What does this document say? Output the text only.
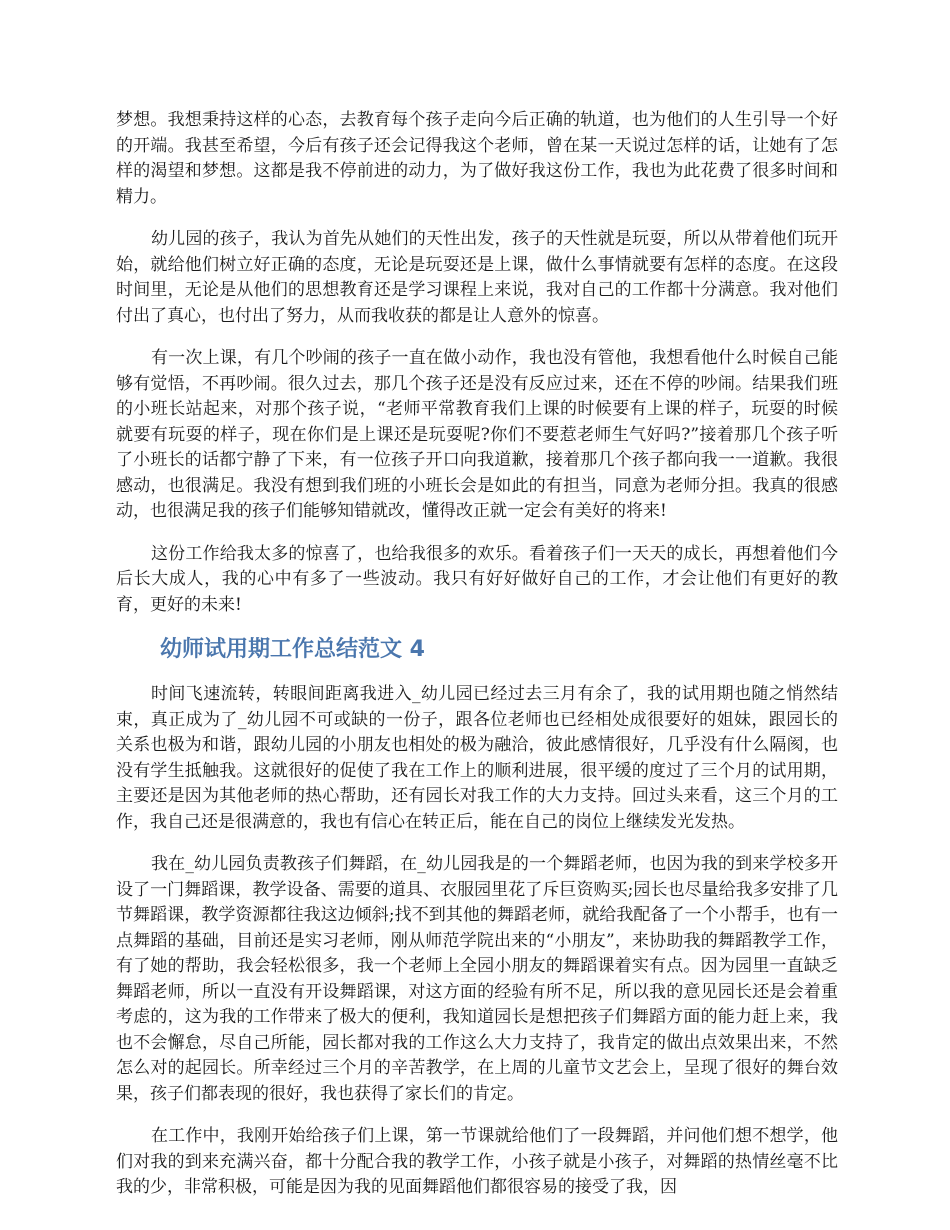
梦想。我想秉持这样的心态，去教育每个孩子走向今后正确的轨道，也为他们的人生引导一个好的开端。我甚至希望，今后有孩子还会记得我这个老师，曾在某一天说过怎样的话，让她有了怎样的渴望和梦想。这都是我不停前进的动力，为了做好我这份工作，我也为此花费了很多时间和精力。

幼儿园的孩子，我认为首先从她们的天性出发，孩子的天性就是玩耍，所以从带着他们玩开始，就给他们树立好正确的态度，无论是玩耍还是上课，做什么事情就要有怎样的态度。在这段时间里，无论是从他们的思想教育还是学习课程上来说，我对自己的工作都十分满意。我对他们付出了真心，也付出了努力，从而我收获的都是让人意外的惊喜。

有一次上课，有几个吵闹的孩子一直在做小动作，我也没有管他，我想看他什么时候自己能够有觉悟，不再吵闹。很久过去，那几个孩子还是没有反应过来，还在不停的吵闹。结果我们班的小班长站起来，对那个孩子说，“老师平常教育我们上课的时候要有上课的样子，玩耍的时候就要有玩耍的样子，现在你们是上课还是玩耍呢?你们不要惹老师生气好吗?”接着那几个孩子听了小班长的话都宁静了下来，有一位孩子开口向我道歉，接着那几个孩子都向我一一道歉。我很感动，也很满足。我没有想到我们班的小班长会是如此的有担当，同意为老师分担。我真的很感动，也很满足我的孩子们能够知错就改，懂得改正就一定会有美好的将来!

这份工作给我太多的惊喜了，也给我很多的欢乐。看着孩子们一天天的成长，再想着他们今后长大成人，我的心中有多了一些波动。我只有好好做好自己的工作，才会让他们有更好的教育，更好的未来!

幼师试用期工作总结范文 4

时间飞速流转，转眼间距离我进入_幼儿园已经过去三月有余了，我的试用期也随之悄然结束，真正成为了_幼儿园不可或缺的一份子，跟各位老师也已经相处成很要好的姐妹，跟园长的关系也极为和谐，跟幼儿园的小朋友也相处的极为融洽，彼此感情很好，几乎没有什么隔阂，也没有学生抵触我。这就很好的促使了我在工作上的顺利进展，很平缓的度过了三个月的试用期，主要还是因为其他老师的热心帮助，还有园长对我工作的大力支持。回过头来看，这三个月的工作，我自己还是很满意的，我也有信心在转正后，能在自己的岗位上继续发光发热。

我在_幼儿园负责教孩子们舞蹈，在_幼儿园我是的一个舞蹈老师，也因为我的到来学校多开设了一门舞蹈课，教学设备、需要的道具、衣服园里花了斥巨资购买;园长也尽量给我多安排了几节舞蹈课，教学资源都往我这边倾斜;找不到其他的舞蹈老师，就给我配备了一个小帮手，也有一点舞蹈的基础，目前还是实习老师，刚从师范学院出来的“小朋友”，来协助我的舞蹈教学工作，有了她的帮助，我会轻松很多，我一个老师上全园小朋友的舞蹈课着实有点。因为园里一直缺乏舞蹈老师，所以一直没有开设舞蹈课，对这方面的经验有所不足，所以我的意见园长还是会着重考虑的，这为我的工作带来了极大的便利，我知道园长是想把孩子们舞蹈方面的能力赶上来，我也不会懈怠，尽自己所能，园长都对我的工作这么大力支持了，我肯定的做出点效果出来，不然怎么对的起园长。所幸经过三个月的辛苦教学，在上周的儿童节文艺会上，呈现了很好的舞台效果，孩子们都表现的很好，我也获得了家长们的肯定。

在工作中，我刚开始给孩子们上课，第一节课就给他们了一段舞蹈，并问他们想不想学，他们对我的到来充满兴奋，都十分配合我的教学工作，小孩子就是小孩子，对舞蹈的热情丝毫不比我的少，非常积极，可能是因为我的见面舞蹈他们都很容易的接受了我，因
